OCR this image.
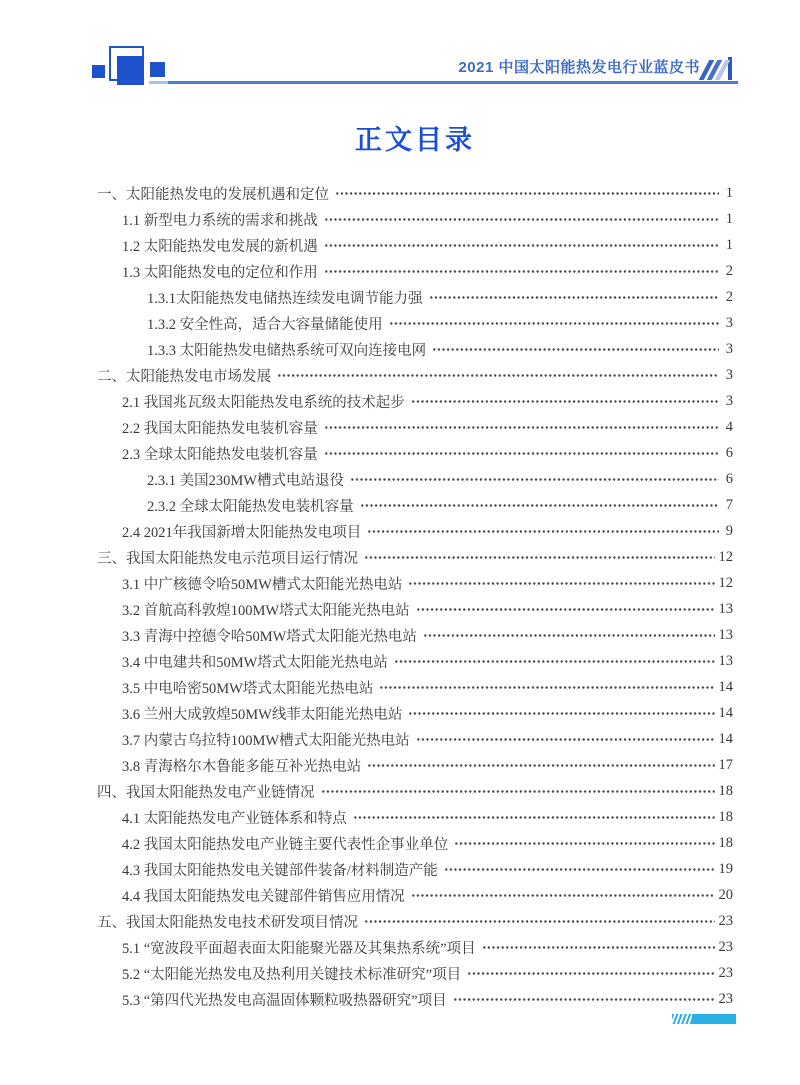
2021 中国太阳能热发电行业蓝皮书
正文目录
一、太阳能热发电的发展机遇和定位	1
1.1 新型电力系统的需求和挑战	1
1.2 太阳能热发电发展的新机遇	1
1.3 太阳能热发电的定位和作用	2
1.3.1太阳能热发电储热连续发电调节能力强	2
1.3.2 安全性高，适合大容量储能使用	3
1.3.3 太阳能热发电储热系统可双向连接电网	3
二、太阳能热发电市场发展	3
2.1 我国兆瓦级太阳能热发电系统的技术起步	3
2.2 我国太阳能热发电装机容量	4
2.3 全球太阳能热发电装机容量	6
2.3.1 美国230MW槽式电站退役	6
2.3.2 全球太阳能热发电装机容量	7
2.4 2021年我国新增太阳能热发电项目	9
三、我国太阳能热发电示范项目运行情况	12
3.1 中广核德令哈50MW槽式太阳能光热电站	12
3.2 首航高科敦煌100MW塔式太阳能光热电站	13
3.3 青海中控德令哈50MW塔式太阳能光热电站	13
3.4 中电建共和50MW塔式太阳能光热电站	13
3.5 中电哈密50MW塔式太阳能光热电站	14
3.6 兰州大成敦煌50MW线菲太阳能光热电站	14
3.7 内蒙古乌拉特100MW槽式太阳能光热电站	14
3.8 青海格尔木鲁能多能互补光热电站	17
四、我国太阳能热发电产业链情况	18
4.1 太阳能热发电产业链体系和特点	18
4.2 我国太阳能热发电产业链主要代表性企事业单位	18
4.3 我国太阳能热发电关键部件装备/材料制造产能	19
4.4 我国太阳能热发电关键部件销售应用情况	20
五、我国太阳能热发电技术研发项目情况	23
5.1 “宽波段平面超表面太阳能聚光器及其集热系统”项目	23
5.2 “太阳能光热发电及热利用关键技术标准研究”项目	23
5.3 “第四代光热发电高温固体颗粒吸热器研究”项目	23
